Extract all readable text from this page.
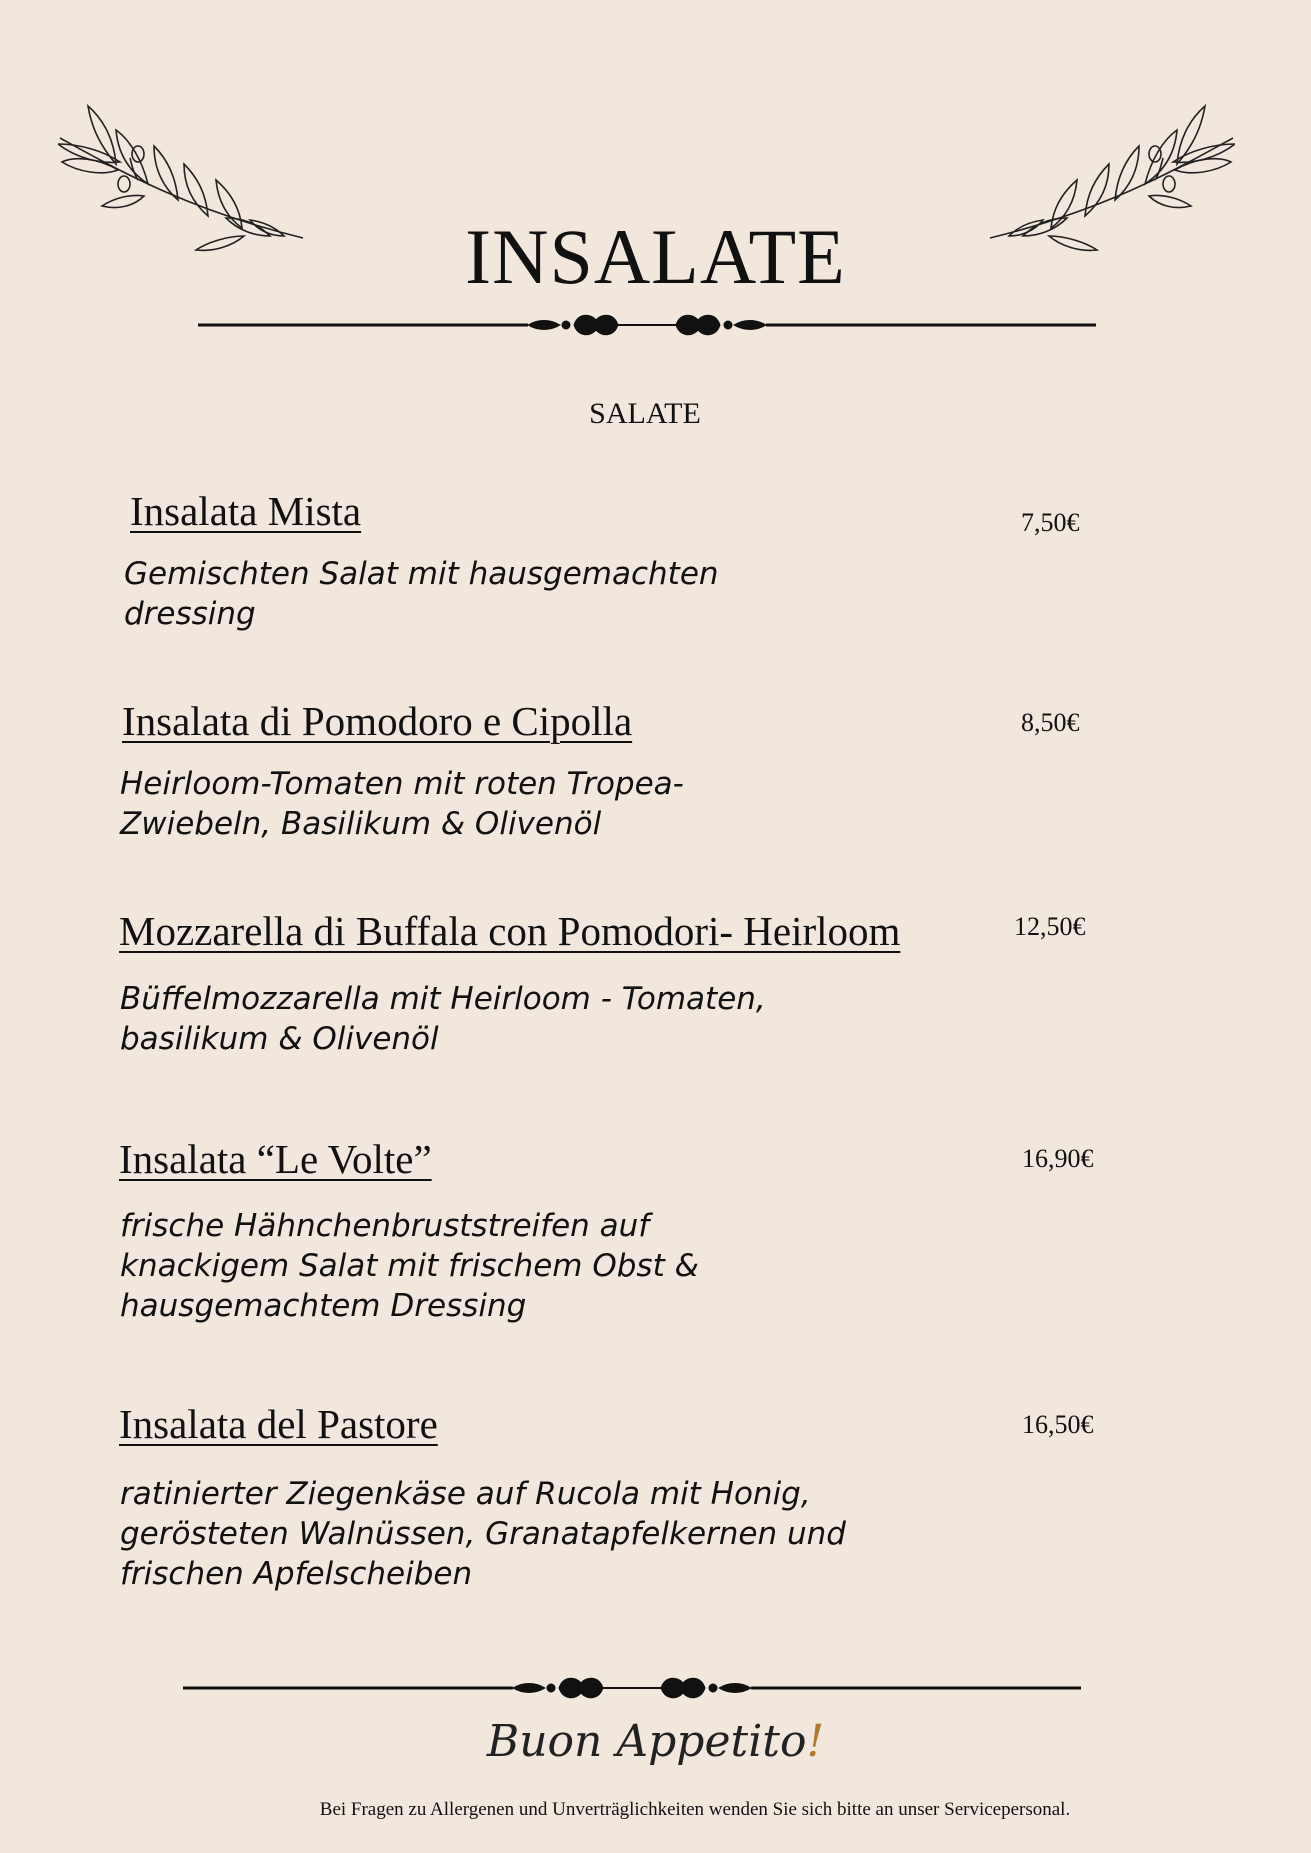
INSALATE
SALATE
Insalata Mista	7,50€
Gemischten Salat mit hausgemachten
dressing
Insalata di Pomodoro e Cipolla	8,50€
Heirloom-Tomaten mit roten Tropea-
Zwiebeln, Basilikum & Olivenöl
Mozzarella di Buffala con Pomodori- Heirloom	12,50€
Büffelmozzarella mit Heirloom - Tomaten,
basilikum & Olivenöl
Insalata “Le Volte”	16,90€
frische Hähnchenbruststreifen auf
knackigem Salat mit frischem Obst &
hausgemachtem Dressing
Insalata del Pastore	16,50€
ratinierter Ziegenkäse auf Rucola mit Honig,
gerösteten Walnüssen, Granatapfelkernen und
frischen Apfelscheiben
Buon Appetito!
Bei Fragen zu Allergenen und Unverträglichkeiten wenden Sie sich bitte an unser Servicepersonal.
